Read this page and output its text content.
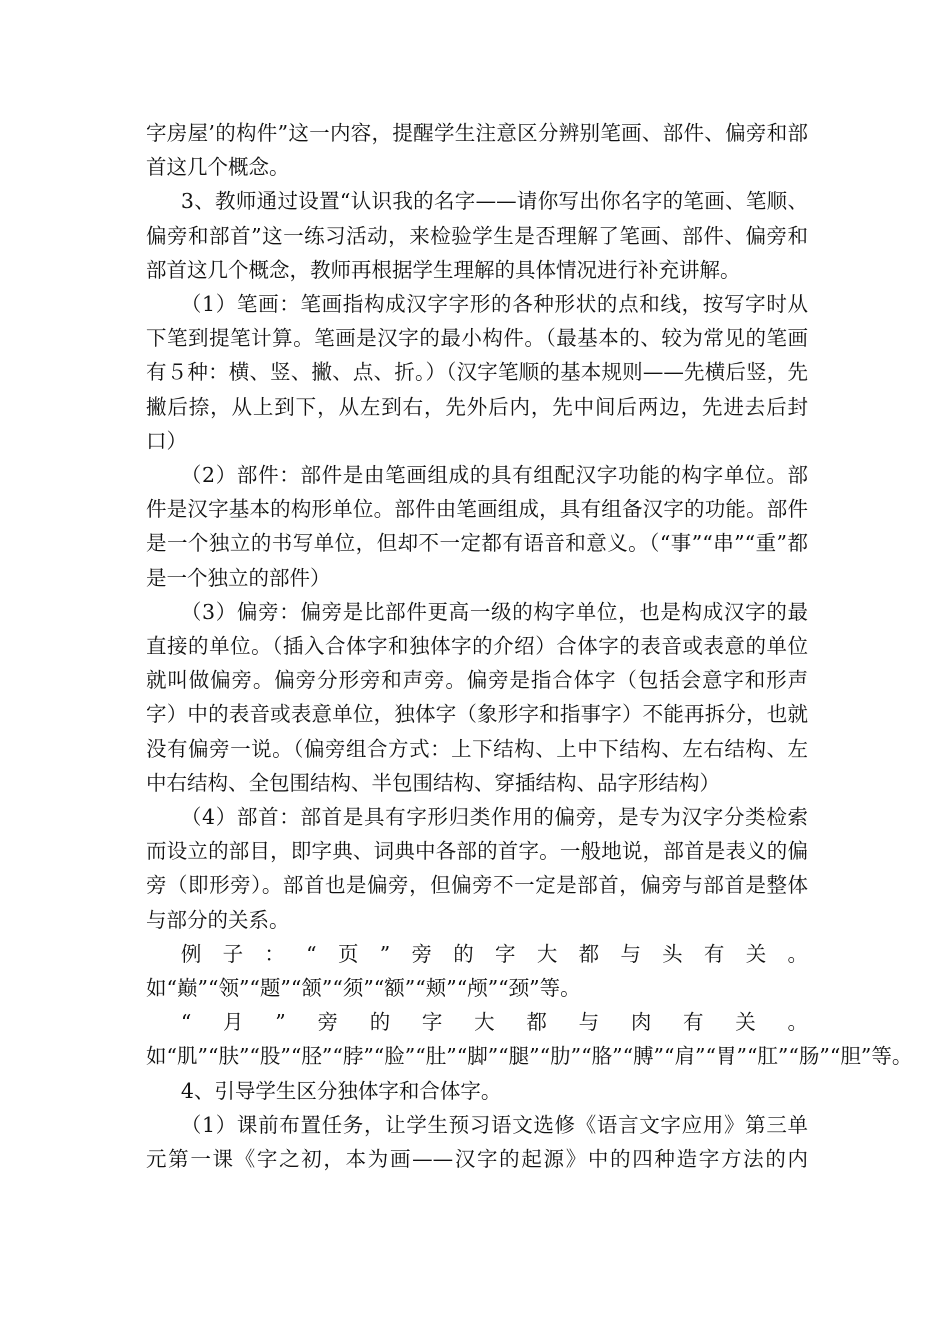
字房屋’的构件”这一内容，提醒学生注意区分辨别笔画、部件、偏旁和部首这几个概念。

3、教师通过设置“认识我的名字——请你写出你名字的笔画、笔顺、偏旁和部首”这一练习活动，来检验学生是否理解了笔画、部件、偏旁和部首这几个概念，教师再根据学生理解的具体情况进行补充讲解。

（1）笔画：笔画指构成汉字字形的各种形状的点和线，按写字时从下笔到提笔计算。笔画是汉字的最小构件。（最基本的、较为常见的笔画有５种：横、竖、撇、点、折。）（汉字笔顺的基本规则——先横后竖，先撇后捺，从上到下，从左到右，先外后内，先中间后两边，先进去后封口）

（2）部件：部件是由笔画组成的具有组配汉字功能的构字单位。部件是汉字基本的构形单位。部件由笔画组成，具有组备汉字的功能。部件是一个独立的书写单位，但却不一定都有语音和意义。（“事”“串”“重”都是一个独立的部件）

（3）偏旁：偏旁是比部件更高一级的构字单位，也是构成汉字的最直接的单位。（插入合体字和独体字的介绍）合体字的表音或表意的单位就叫做偏旁。偏旁分形旁和声旁。偏旁是指合体字（包括会意字和形声字）中的表音或表意单位，独体字（象形字和指事字）不能再拆分，也就没有偏旁一说。（偏旁组合方式：上下结构、上中下结构、左右结构、左中右结构、全包围结构、半包围结构、穿插结构、品字形结构）

（4）部首：部首是具有字形归类作用的偏旁，是专为汉字分类检索而设立的部目，即字典、词典中各部的首字。一般地说，部首是表义的偏旁（即形旁）。部首也是偏旁，但偏旁不一定是部首，偏旁与部首是整体与部分的关系。

例子：“页”旁的字大都与头有关。如“巅”“领”“题”“颔”“须”“额”“颊”“颅”“颈”等。

“月”旁的字大都与肉有关。如“肌”“肤”“股”“胫”“脖”“脸”“肚”“脚”“腿”“肋”“胳”“膊”“肩”“胃”“肛”“肠”“胆”等。

4、引导学生区分独体字和合体字。

（1）课前布置任务，让学生预习语文选修《语言文字应用》第三单元第一课《字之初，本为画——汉字的起源》中的四种造字方法的内
